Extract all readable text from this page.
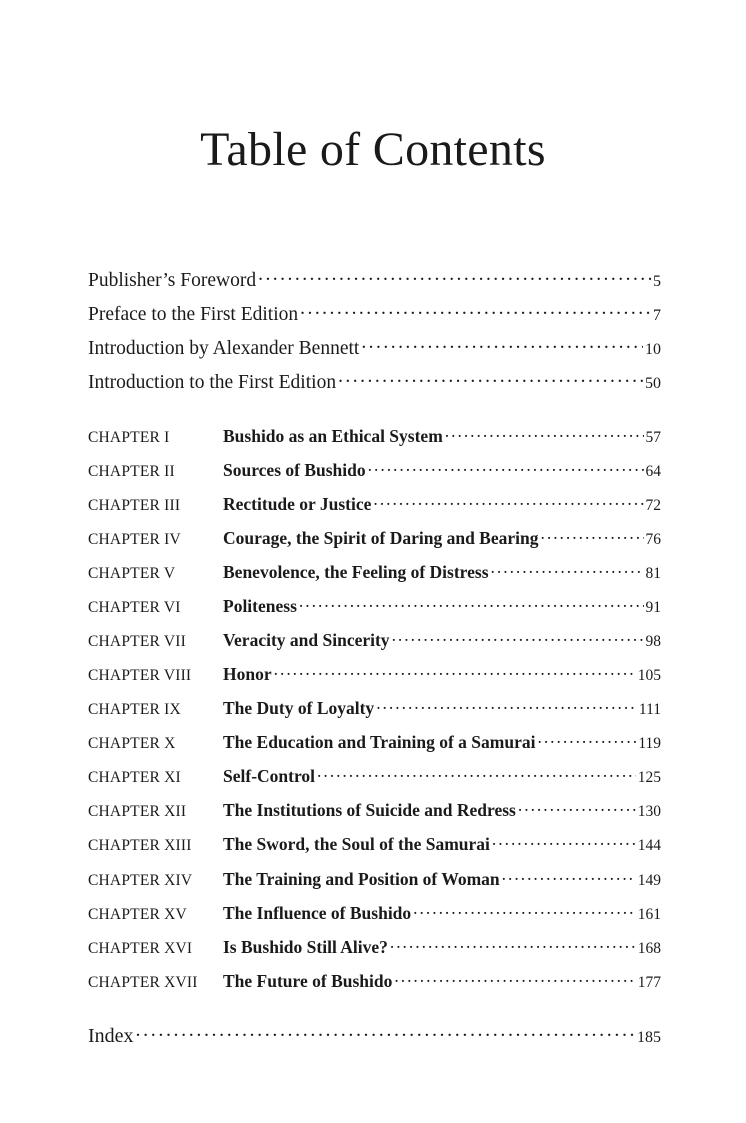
Table of Contents
Publisher’s Foreword . . .	5
Preface to the First Edition . . .	7
Introduction by Alexander Bennett . . .	10
Introduction to the First Edition . . .	50
CHAPTER I	Bushido as an Ethical System . . .	57
CHAPTER II	Sources of Bushido . . .	64
CHAPTER III	Rectitude or Justice . . .	72
CHAPTER IV	Courage, the Spirit of Daring and Bearing . . .	76
CHAPTER V	Benevolence, the Feeling of Distress . . .	81
CHAPTER VI	Politeness . . .	91
CHAPTER VII	Veracity and Sincerity . . .	98
CHAPTER VIII	Honor . . .	105
CHAPTER IX	The Duty of Loyalty . . .	111
CHAPTER X	The Education and Training of a Samurai . . .	119
CHAPTER XI	Self-Control . . .	125
CHAPTER XII	The Institutions of Suicide and Redress . . .	130
CHAPTER XIII	The Sword, the Soul of the Samurai . . .	144
CHAPTER XIV	The Training and Position of Woman . . .	149
CHAPTER XV	The Influence of Bushido . . .	161
CHAPTER XVI	Is Bushido Still Alive? . . .	168
CHAPTER XVII	The Future of Bushido . . .	177
Index . . .	185
